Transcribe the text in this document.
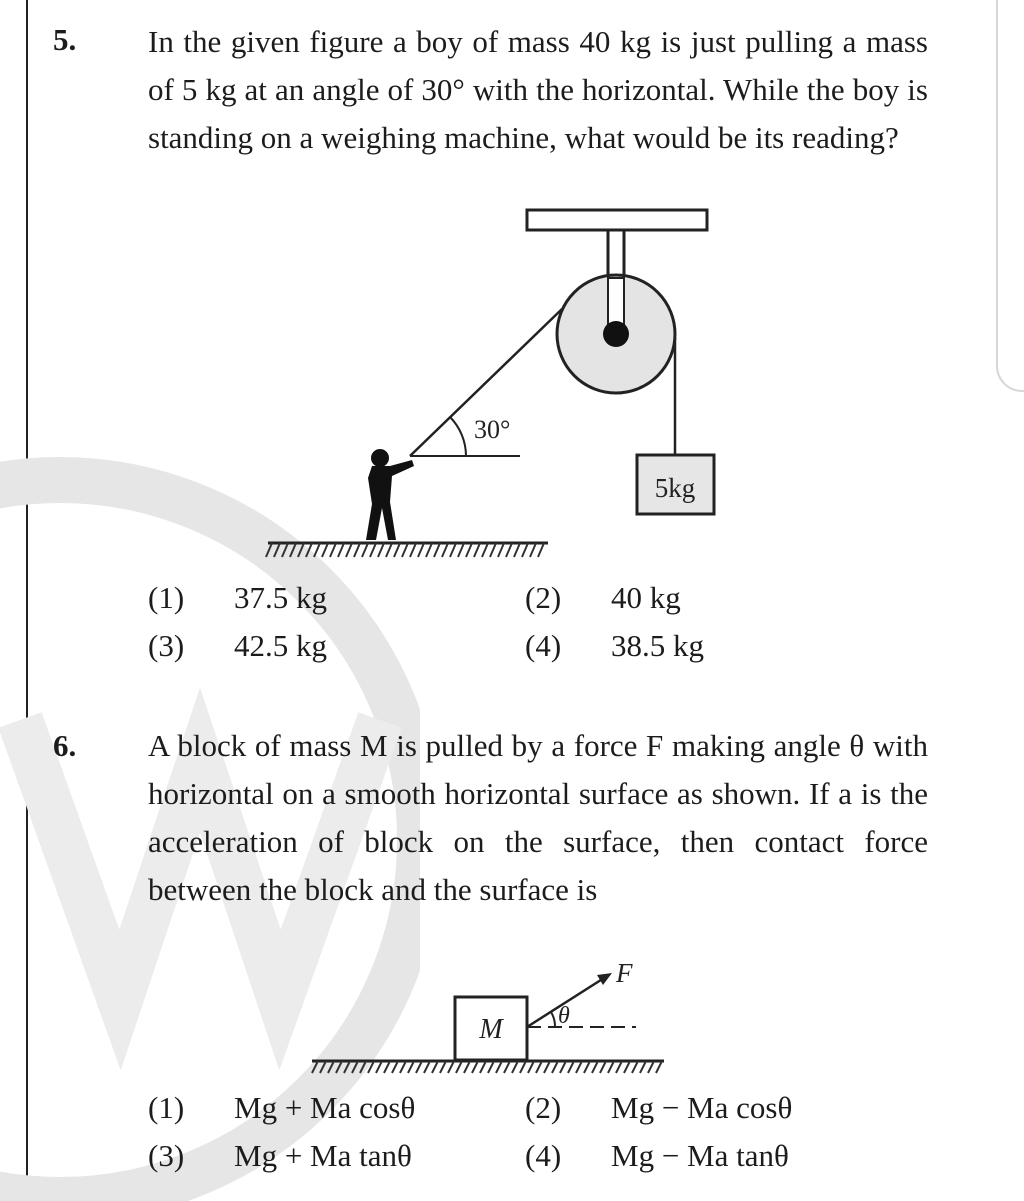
5. In the given figure a boy of mass 40 kg is just pulling a mass of 5 kg at an angle of 30° with the horizontal. While the boy is standing on a weighing machine, what would be its reading?
30°
5kg
(1) 37.5 kg	(2) 40 kg
(3) 42.5 kg	(4) 38.5 kg
6. A block of mass M is pulled by a force F making angle θ with horizontal on a smooth horizontal surface as shown. If a is the acceleration of block on the surface, then contact force between the block and the surface is
M
F
θ
(1) Mg + Ma cosθ	(2) Mg − Ma cosθ
(3) Mg + Ma tanθ	(4) Mg − Ma tanθ
